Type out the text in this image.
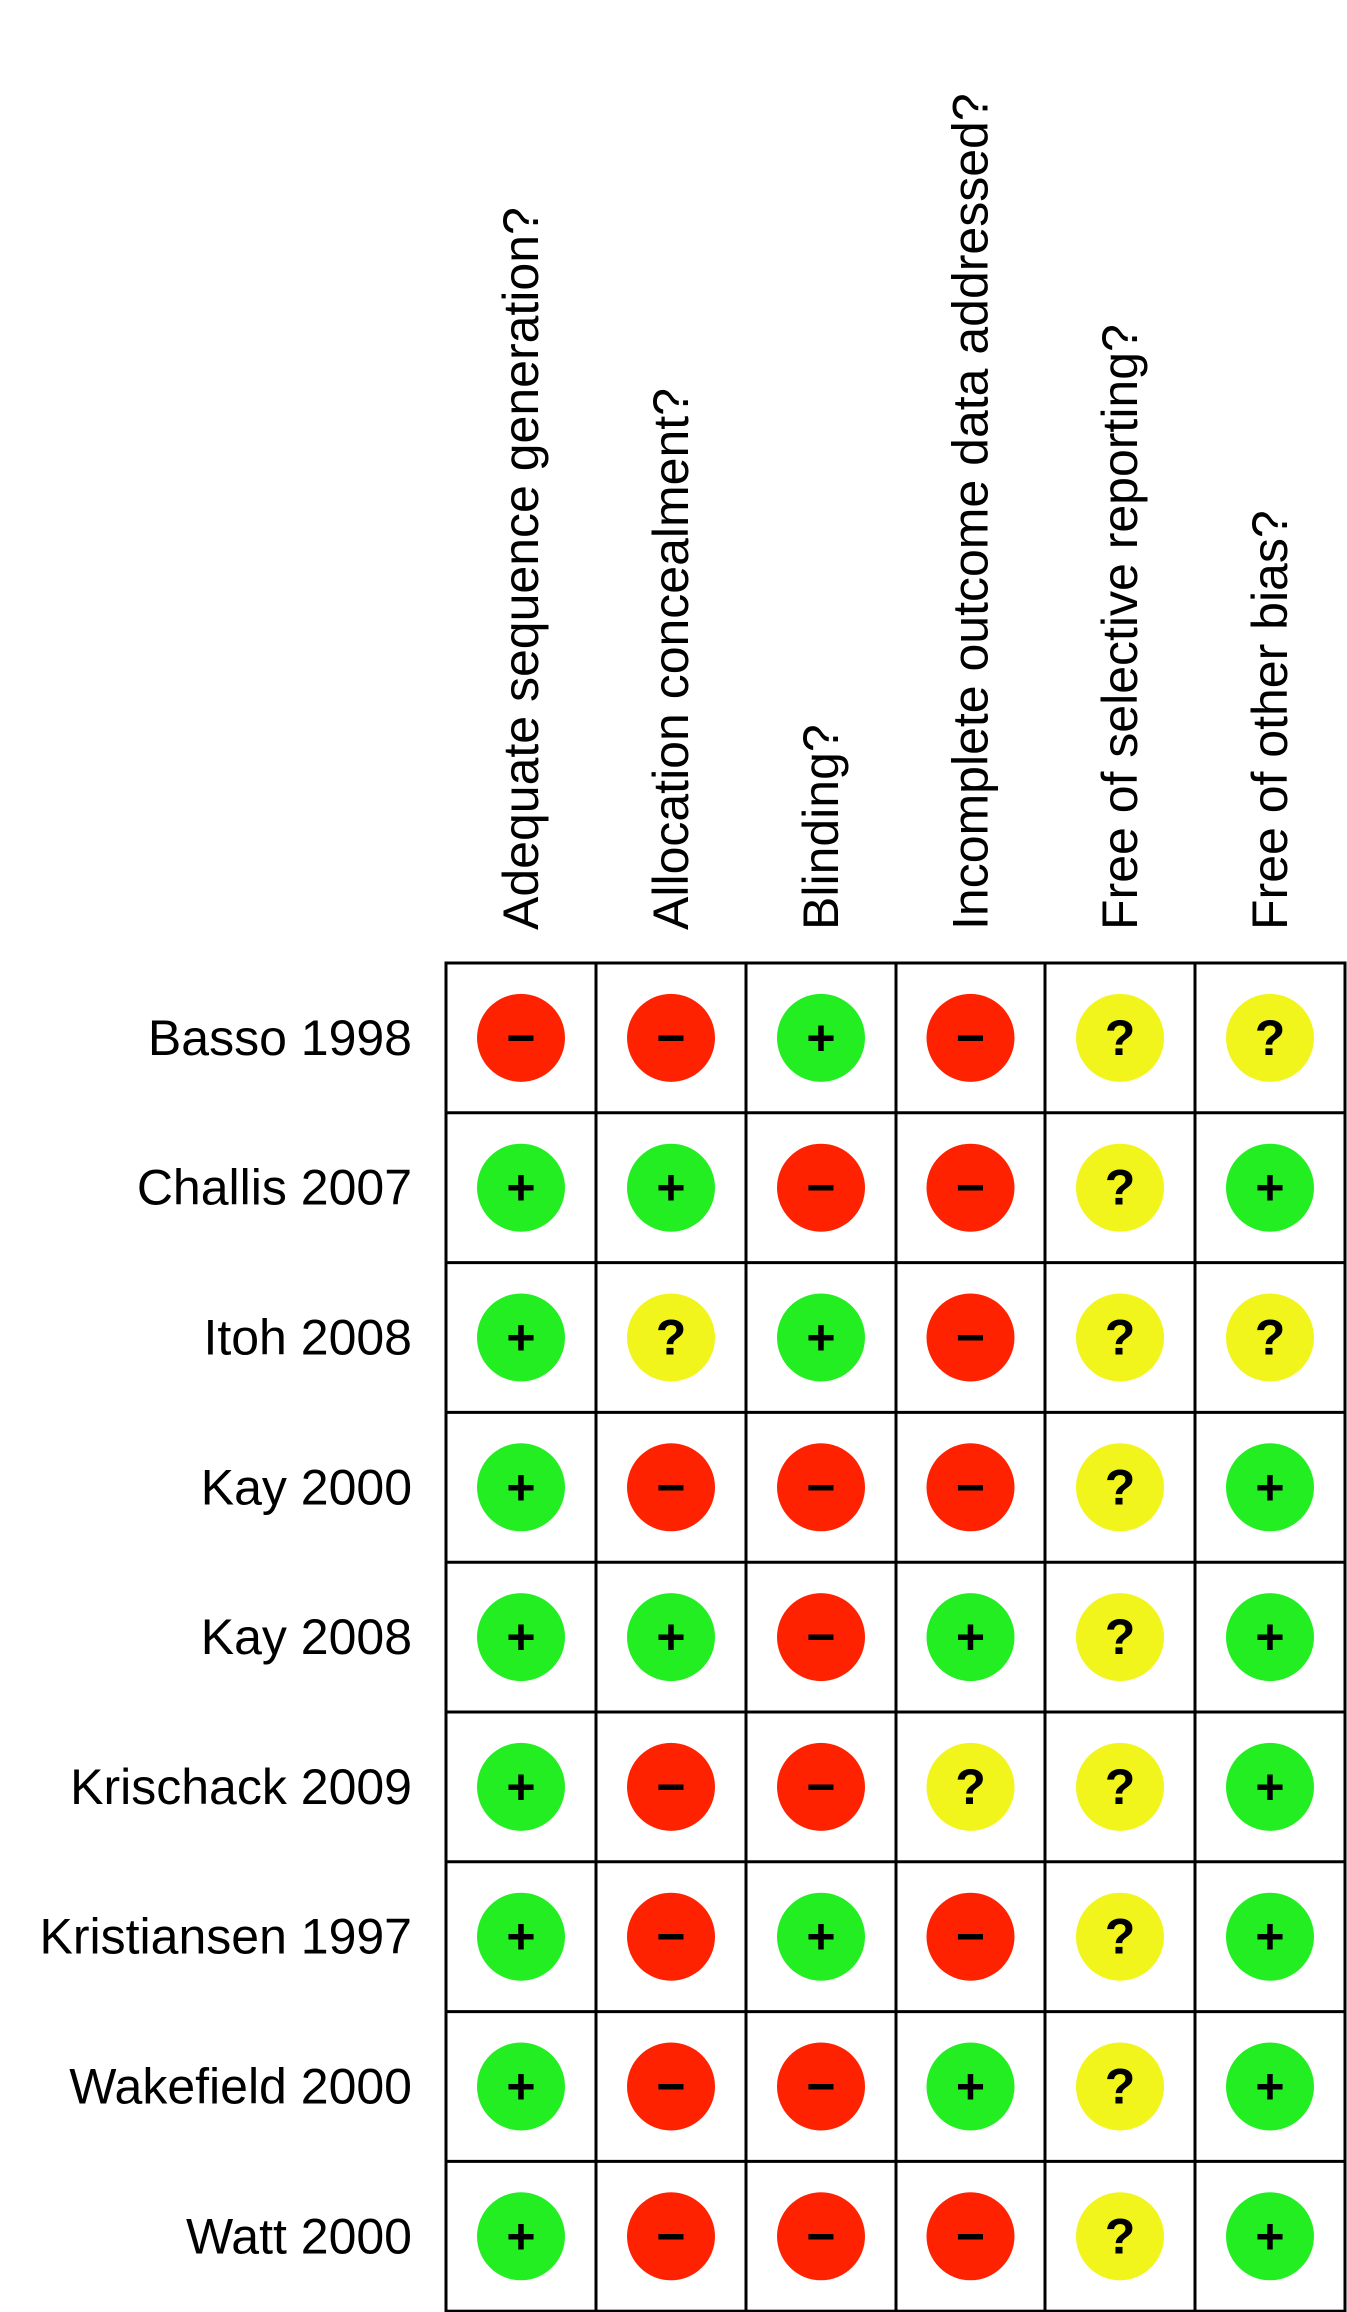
Adequate sequence generation? Allocation concealment? Blinding? Incomplete outcome data addressed? Free of selective reporting? Free of other bias?
Basso 1998
Challis 2007
Itoh 2008
Kay 2000
Kay 2008
Krischack 2009
Kristiansen 1997
Wakefield 2000
Watt 2000
− − + − ? ?
+ + − − ? +
+ ? + − ? ?
+ − − − ? +
+ + − + ? +
+ − − ? ? +
+ − + − ? +
+ − − + ? +
+ − − − ? +
